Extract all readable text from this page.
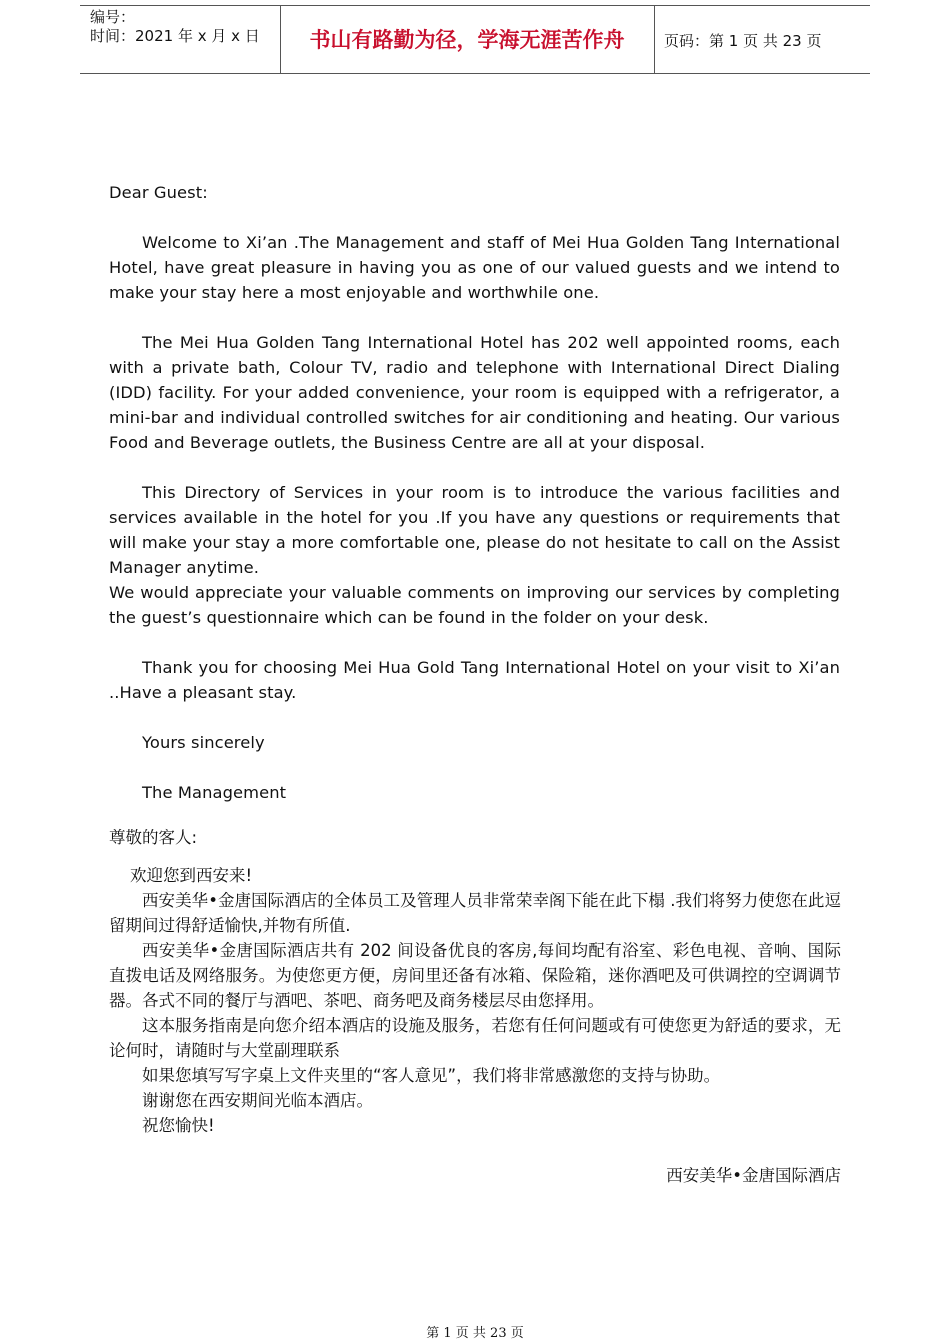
编号：
时间：2021 年 x 月 x 日	书山有路勤为径，学海无涯苦作舟	页码：第 1 页 共 23 页

Dear Guest:

Welcome to Xi’an .The Management and staff of Mei Hua Golden Tang International Hotel, have great pleasure in having you as one of our valued guests and we intend to make your stay here a most enjoyable and worthwhile one.

The Mei Hua Golden Tang International Hotel has 202 well appointed rooms, each with a private bath, Colour TV, radio and telephone with International Direct Dialing (IDD) facility. For your added convenience, your room is equipped with a refrigerator, a mini-bar and individual controlled switches for air conditioning and heating. Our various Food and Beverage outlets, the Business Centre are all at your disposal.

This Directory of Services in your room is to introduce the various facilities and services available in the hotel for you .If you have any questions or requirements that will make your stay a more comfortable one, please do not hesitate to call on the Assist Manager anytime.

We would appreciate your valuable comments on improving our services by completing the guest’s questionnaire which can be found in the folder on your desk.

Thank you for choosing Mei Hua Gold Tang International Hotel on your visit to Xi’an ..Have a pleasant stay.

Yours sincerely

The Management

尊敬的客人:

欢迎您到西安来!

西安美华•金唐国际酒店的全体员工及管理人员非常荣幸阁下能在此下榻 .我们将努力使您在此逗留期间过得舒适愉快,并物有所值.

西安美华•金唐国际酒店共有 202 间设备优良的客房,每间均配有浴室、彩色电视、音响、国际直拨电话及网络服务。为使您更方便，房间里还备有冰箱、保险箱，迷你酒吧及可供调控的空调调节器。各式不同的餐厅与酒吧、茶吧、商务吧及商务楼层尽由您择用。

这本服务指南是向您介绍本酒店的设施及服务，若您有任何问题或有可使您更为舒适的要求，无论何时，请随时与大堂副理联系

如果您填写写字桌上文件夹里的“客人意见”，我们将非常感激您的支持与协助。

谢谢您在西安期间光临本酒店。

祝您愉快!

西安美华•金唐国际酒店

第 1 页 共 23 页
